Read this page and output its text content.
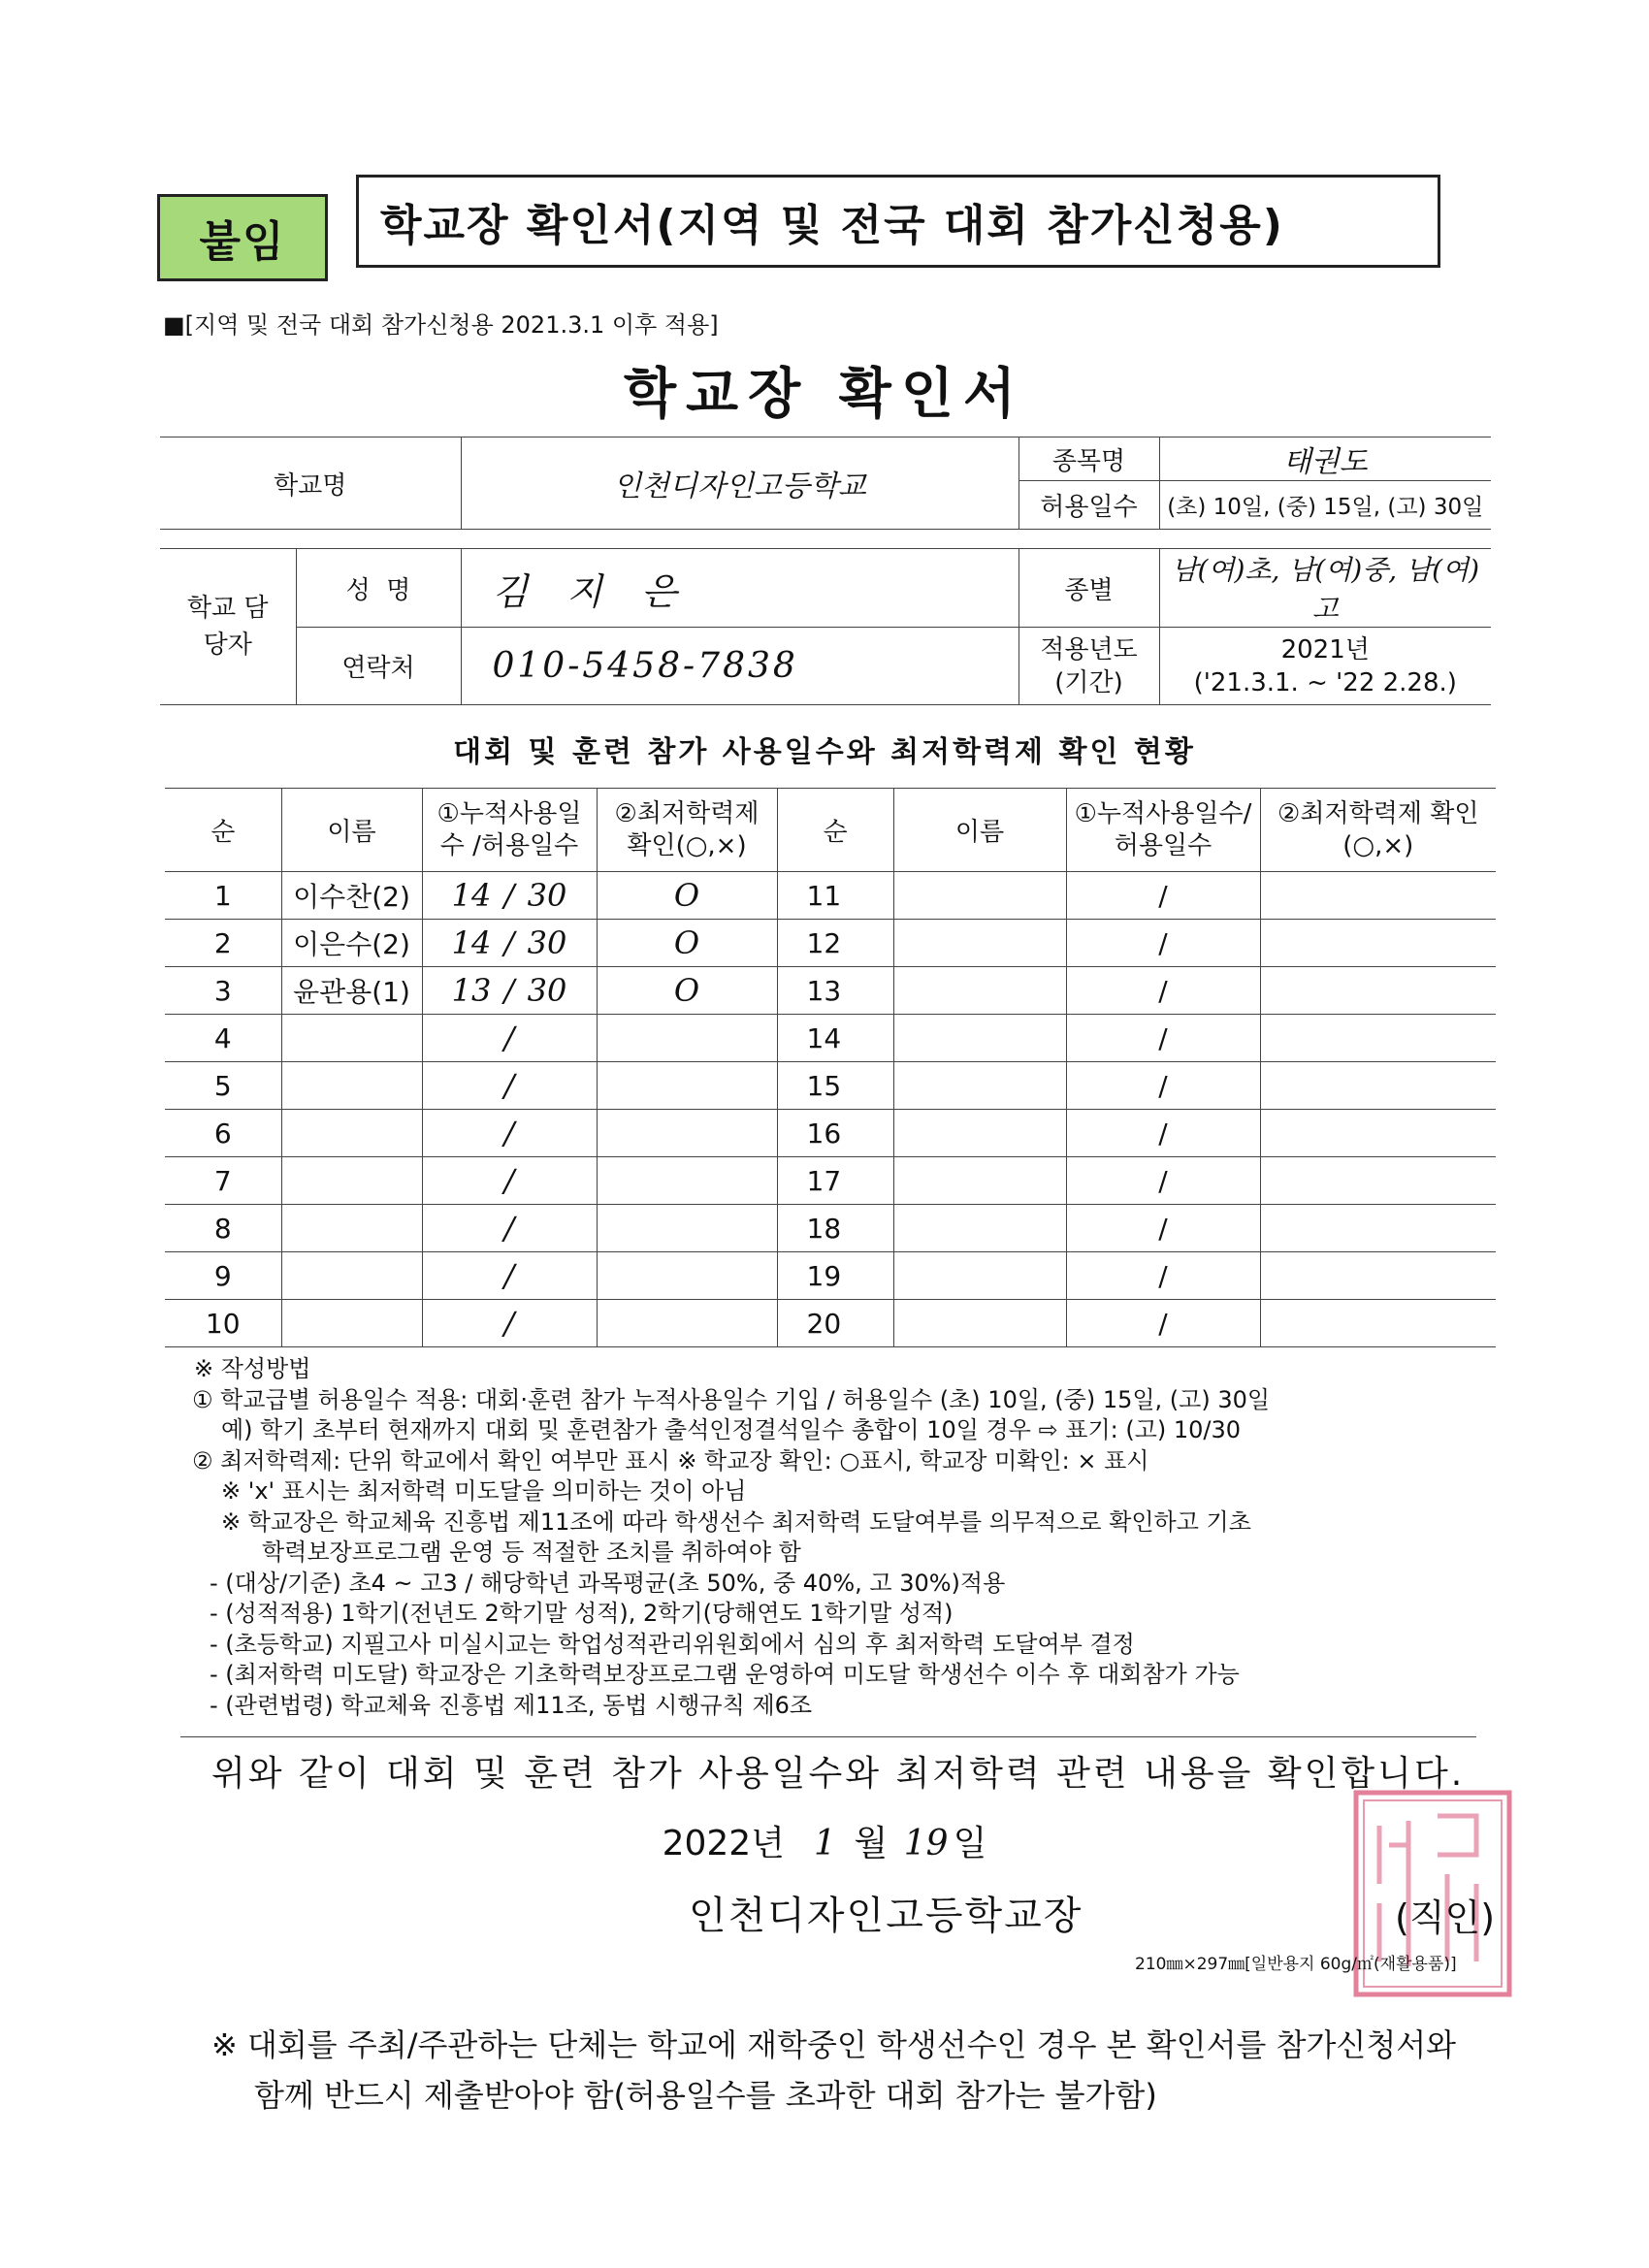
붙임	학교장 확인서(지역 및 전국 대회 참가신청용)
■[지역 및 전국 대회 참가신청용 2021.3.1 이후 적용]
학교장 확인서
학교명		인천디자인고등학교	종목명	태권도
			허용일수	(초) 10일, (중) 15일, (고) 30일

학교 담당자	성  명	김 지 은	종별	남(여)초, 남(여)중, 남(여)고
	연락처	010-5458-7838	적용년도 (기간)	2021년
('21.3.1. ~ '22 2.28.)
대회 및 훈련 참가 사용일수와 최저학력제 확인 현황
순	이름	①누적사용일수 /허용일수	②최저학력제 확인(○,×)	순	이름	①누적사용일수/ 허용일수	②최저학력제 확인(○,×)
1	이수찬(2)	14 / 30	O	11		/	
2	이은수(2)	14 / 30	O	12		/	
3	윤관용(1)	13 / 30	O	13		/	
4		/		14		/	
5		/		15		/	
6		/		16		/	
7		/		17		/	
8		/		18		/	
9		/		19		/	
10		/		20		/	

※ 작성방법

① 학교급별 허용일수 적용: 대회·훈련 참가 누적사용일수 기입 / 허용일수 (초) 10일, (중) 15일, (고) 30일

예) 학기 초부터 현재까지 대회 및 훈련참가 출석인정결석일수 총합이 10일 경우 ⇨ 표기: (고) 10/30

② 최저학력제: 단위 학교에서 확인 여부만 표시 ※ 학교장 확인: ○표시, 학교장 미확인: × 표시

※ 'x' 표시는 최저학력 미도달을 의미하는 것이 아님

※ 학교장은 학교체육 진흥법 제11조에 따라 학생선수 최저학력 도달여부를 의무적으로 확인하고 기초

학력보장프로그램 운영 등 적절한 조치를 취하여야 함

- (대상/기준) 초4 ~ 고3 / 해당학년 과목평균(초 50%, 중 40%, 고 30%)적용

- (성적적용) 1학기(전년도 2학기말 성적), 2학기(당해연도 1학기말 성적)

- (초등학교) 지필고사 미실시교는 학업성적관리위원회에서 심의 후 최저학력 도달여부 결정

- (최저학력 미도달) 학교장은 기초학력보장프로그램 운영하여 미도달 학생선수 이수 후 대회참가 가능

- (관련법령) 학교체육 진흥법 제11조, 동법 시행규칙 제6조

위와 같이 대회 및 훈련 참가 사용일수와 최저학력 관련 내용을 확인합니다.
2022년 1 월 19 일
인천디자인고등학교장	(직인)
210㎜×297㎜[일반용지 60g/㎡(재활용품)]

※ 대회를 주최/주관하는 단체는 학교에 재학중인 학생선수인 경우 본 확인서를 참가신청서와

함께 반드시 제출받아야 함(허용일수를 초과한 대회 참가는 불가함)
